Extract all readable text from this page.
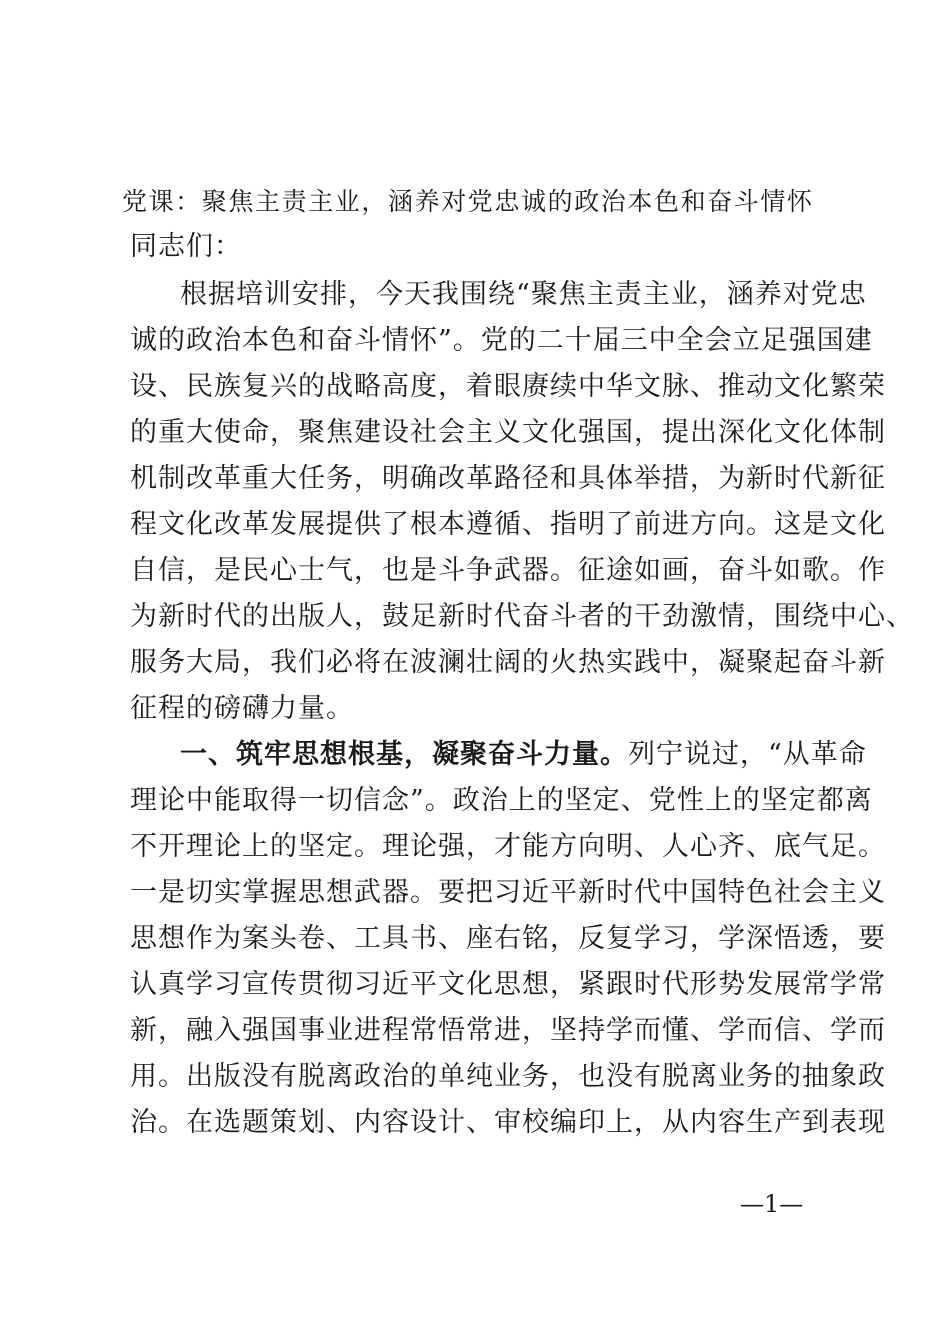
党课：聚焦主责主业，涵养对党忠诚的政治本色和奋斗情怀
同志们：
根据培训安排，今天我围绕“聚焦主责主业，涵养对党忠
诚的政治本色和奋斗情怀”。党的二十届三中全会立足强国建
设、民族复兴的战略高度，着眼赓续中华文脉、推动文化繁荣
的重大使命，聚焦建设社会主义文化强国，提出深化文化体制
机制改革重大任务，明确改革路径和具体举措，为新时代新征
程文化改革发展提供了根本遵循、指明了前进方向。这是文化
自信，是民心士气，也是斗争武器。征途如画，奋斗如歌。作
为新时代的出版人，鼓足新时代奋斗者的干劲激情，围绕中心、
服务大局，我们必将在波澜壮阔的火热实践中，凝聚起奋斗新
征程的磅礴力量。
一、筑牢思想根基，凝聚奋斗力量。列宁说过，“从革命
理论中能取得一切信念”。政治上的坚定、党性上的坚定都离
不开理论上的坚定。理论强，才能方向明、人心齐、底气足。
一是切实掌握思想武器。要把习近平新时代中国特色社会主义
思想作为案头卷、工具书、座右铭，反复学习，学深悟透，要
认真学习宣传贯彻习近平文化思想，紧跟时代形势发展常学常
新，融入强国事业进程常悟常进，坚持学而懂、学而信、学而
用。出版没有脱离政治的单纯业务，也没有脱离业务的抽象政
治。在选题策划、内容设计、审校编印上，从内容生产到表现
—1—
